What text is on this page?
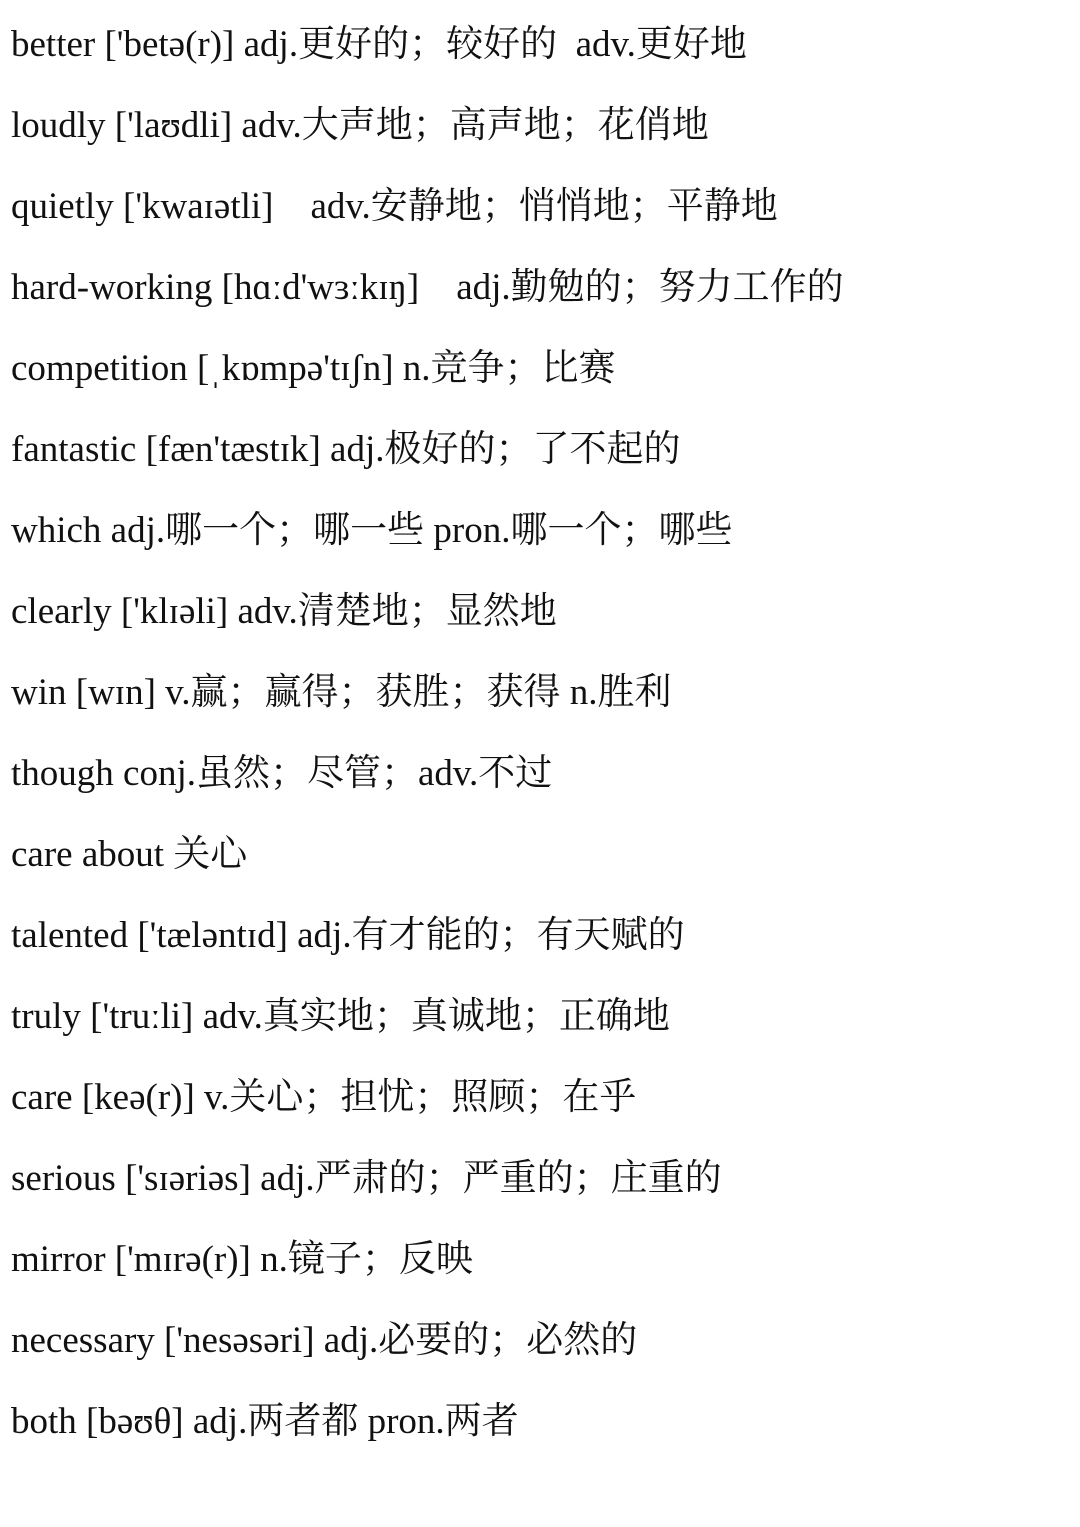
better ['betə(r)] adj.更好的；较好的  adv.更好地
loudly ['laʊdli] adv.大声地；高声地；花俏地
quietly ['kwaɪətli]    adv.安静地；悄悄地；平静地
hard-working [hɑːd'wɜːkɪŋ]    adj.勤勉的；努力工作的
competition [ˌkɒmpə'tɪʃn] n.竞争；比赛
fantastic [fæn'tæstɪk] adj.极好的；了不起的
which adj.哪一个；哪一些 pron.哪一个；哪些
clearly ['klɪəli] adv.清楚地；显然地
win [wɪn] v.赢；赢得；获胜；获得 n.胜利
though conj.虽然；尽管；adv.不过
care about 关心
talented ['tæləntɪd] adj.有才能的；有天赋的
truly ['truːli] adv.真实地；真诚地；正确地
care [keə(r)] v.关心；担忧；照顾；在乎
serious ['sɪəriəs] adj.严肃的；严重的；庄重的
mirror ['mɪrə(r)] n.镜子；反映
necessary ['nesəsəri] adj.必要的；必然的
both [bəʊθ] adj.两者都 pron.两者
